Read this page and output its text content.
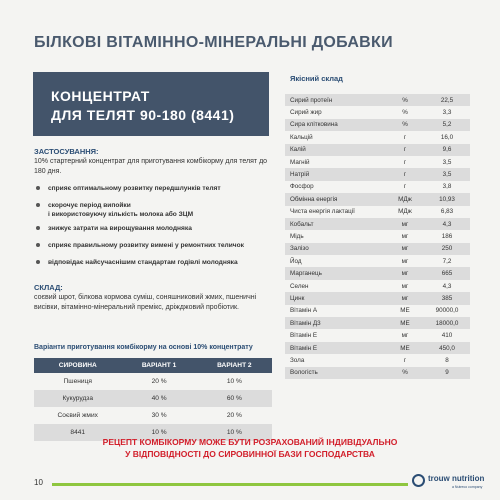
БІЛКОВІ ВІТАМІННО-МІНЕРАЛЬНІ ДОБАВКИ
КОНЦЕНТРАТ
ДЛЯ ТЕЛЯТ 90-180 (8441)
ЗАСТОСУВАННЯ:
10% стартерний концентрат для приготування комбікорму для телят до 180 дня.
сприяє оптимальному розвитку передшлункiв телят
скорочує період випойки
і використовуючу кількість молока або ЗЦМ
знижує затрати на вирощування молодняка
сприяє правильному розвитку вимені у ремонтних теличок
відповідає найсучаснішим стандартам годівлі молодняка
СКЛАД:
соєвий шрот, білкова кормова суміш, соняшниковий жмих, пшеничні висівки, вітамінно-мінеральний премікс, дріжджовий пробіотик.
Варіанти приготування комбікорму на основі 10% концентрату
СИРОВИНА	ВАРІАНТ 1	ВАРІАНТ 2
Пшениця	20 %	10 %
Кукурудза	40 %	60 %
Соєвий жмих	30 %	20 %
8441	10 %	10 %
Якісний склад
Сирий протеїн	%	22,5
Сирий жир	%	3,3
Сира клітковина	%	5,2
Кальцій	г	16,0
Калій	г	9,6
Магній	г	3,5
Натрій	г	3,5
Фосфор	г	3,8
Обмінна енергія	МДж	10,93
Чиста енергія лактації	МДж	6,83
Кобальт	мг	4,3
Мідь	мг	186
Залізо	мг	250
Йод	мг	7,2
Марганець	мг	665
Селен	мг	4,3
Цинк	мг	385
Вітамін А	МЕ	90000,0
Вітамін Д3	МЕ	18000,0
Вітамін Е	мг	410
Вітамін Е	МЕ	450,0
Зола	г	8
Вологість	%	9
РЕЦЕПТ КОМБІКОРМУ МОЖЕ БУТИ РОЗРАХОВАНИЙ ІНДИВІДУАЛЬНО
У ВІДПОВІДНОСТІ ДО СИРОВИННОЇ БАЗИ ГОСПОДАРСТВА
10	trouw nutrition
a Nutreco company
